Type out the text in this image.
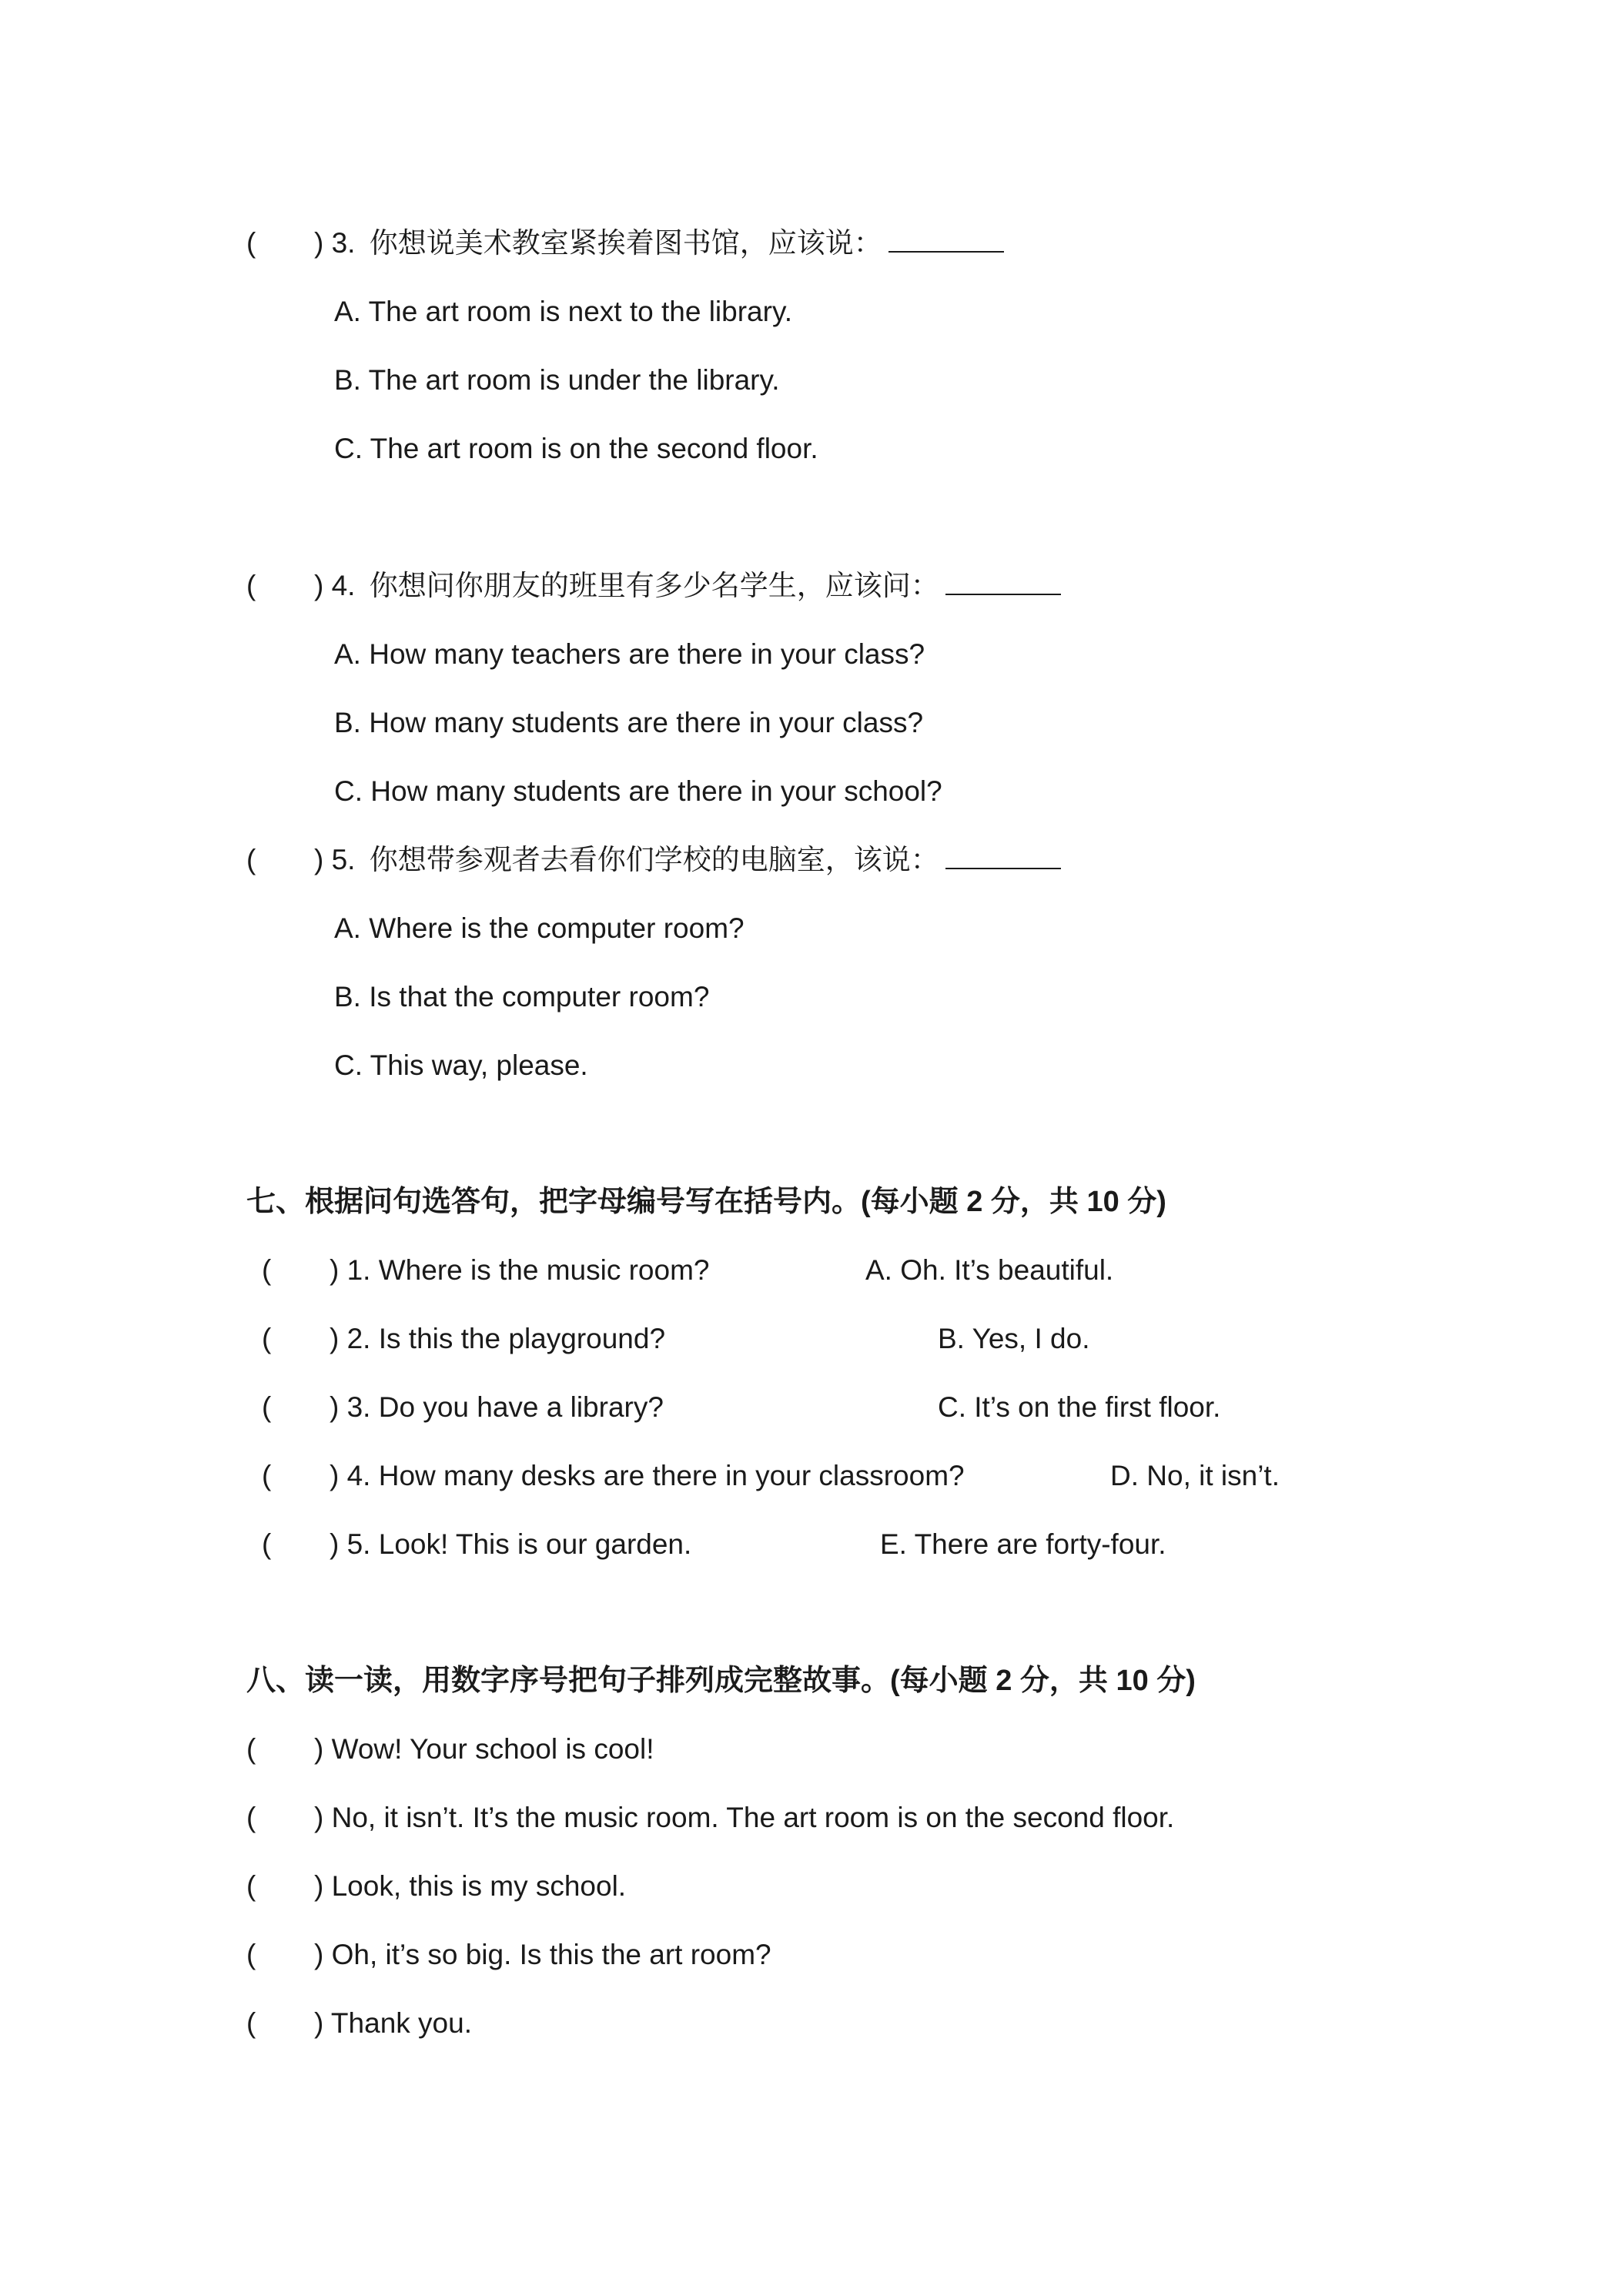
( ) 3. 你想说美术教室紧挨着图书馆，应该说：
A. The art room is next to the library.
B. The art room is under the library.
C. The art room is on the second floor.
( ) 4. 你想问你朋友的班里有多少名学生，应该问：
A. How many teachers are there in your class?
B. How many students are there in your class?
C. How many students are there in your school?
( ) 5. 你想带参观者去看你们学校的电脑室，该说：
A. Where is the computer room?
B. Is that the computer room?
C. This way, please.
七、根据问句选答句，把字母编号写在括号内。(每小题 2 分，共 10 分)
( ) 1. Where is the music room?	A. Oh. It’s beautiful.
( ) 2. Is this the playground?	B. Yes, I do.
( ) 3. Do you have a library?	C. It’s on the first floor.
( ) 4. How many desks are there in your classroom?	D. No, it isn’t.
( ) 5. Look! This is our garden.	E. There are forty-four.
八、读一读，用数字序号把句子排列成完整故事。(每小题 2 分，共 10 分)
( ) Wow! Your school is cool!
( ) No, it isn’t. It’s the music room. The art room is on the second floor.
( ) Look, this is my school.
( ) Oh, it’s so big. Is this the art room?
( ) Thank you.
